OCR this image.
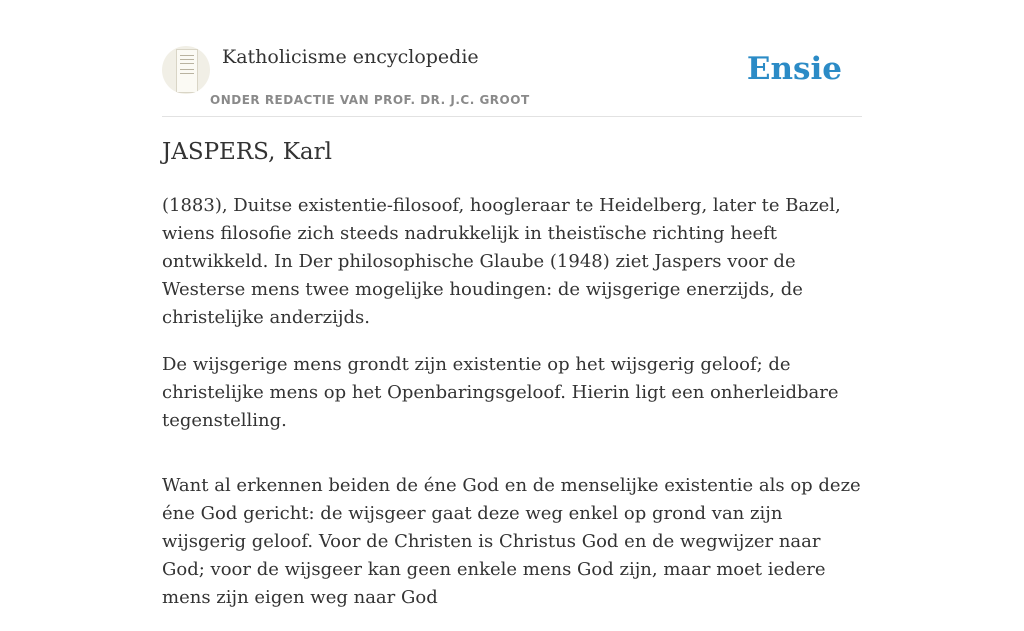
Katholicisme encyclopedie
ONDER REDACTIE VAN PROF. DR. J.C. GROOT
Ensie
JASPERS, Karl

(1883), Duitse existentie-filosoof, hoogleraar te Heidelberg, later te Bazel, wiens filosofie zich steeds nadrukkelijk in theistïsche richting heeft ontwikkeld. In Der philosophische Glaube (1948) ziet Jaspers voor de Westerse mens twee mogelijke houdingen: de wijsgerige enerzijds, de christelijke anderzijds.

De wijsgerige mens grondt zijn existentie op het wijsgerig geloof; de christelijke mens op het Openbaringsgeloof. Hierin ligt een onherleidbare tegenstelling.

Want al erkennen beiden de éne God en de menselijke existentie als op deze éne God gericht: de wijsgeer gaat deze weg enkel op grond van zijn wijsgerig geloof. Voor de Christen is Christus God en de wegwijzer naar God; voor de wijsgeer kan geen enkele mens God zijn, maar moet iedere mens zijn eigen weg naar God
